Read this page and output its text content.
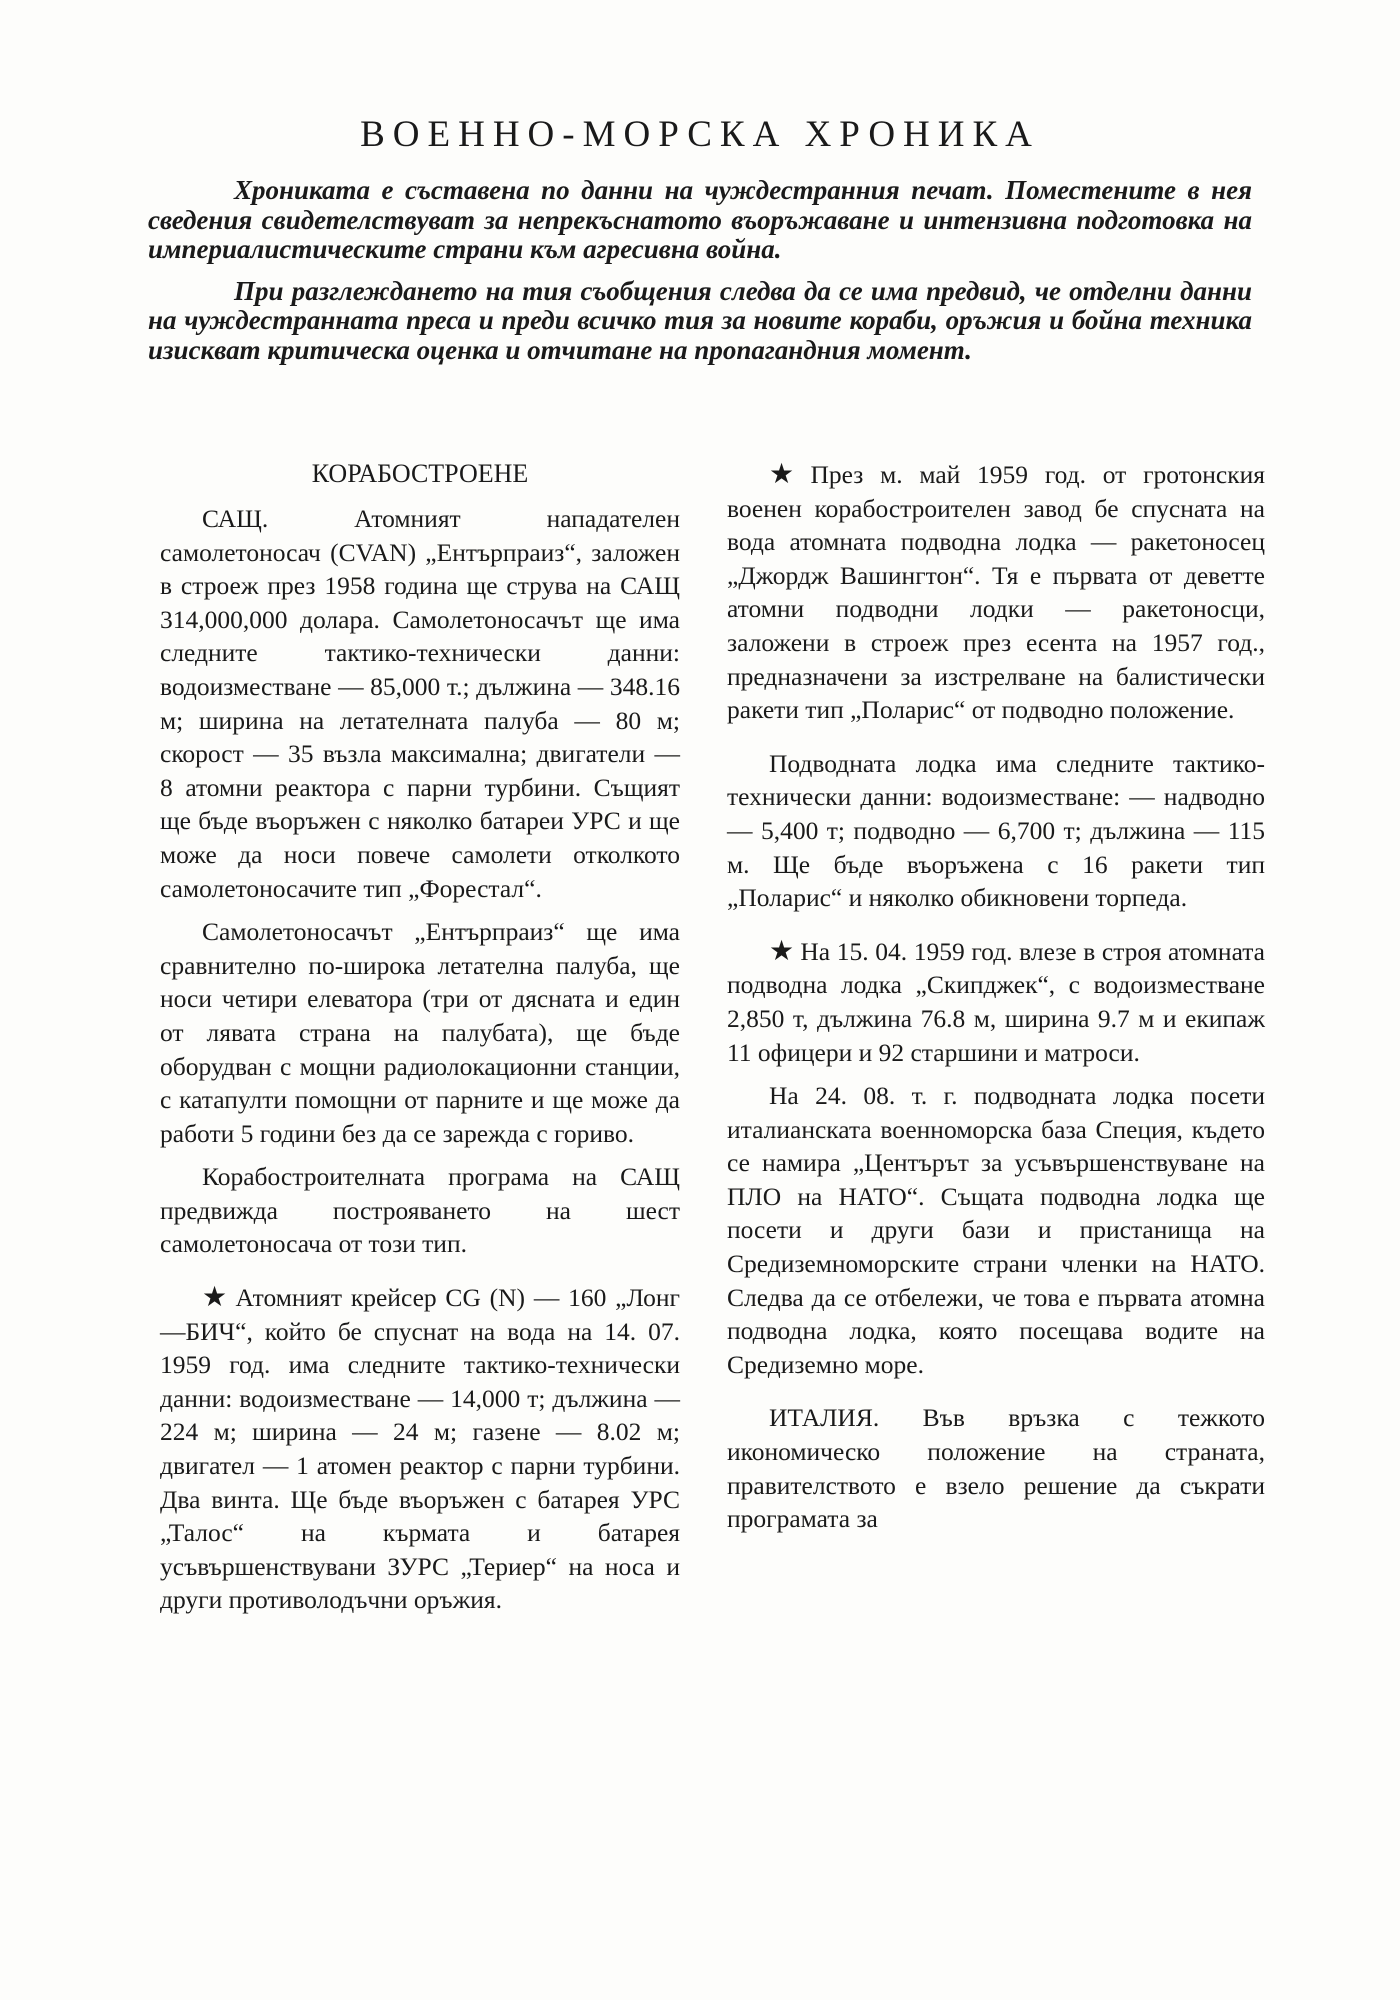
ВОЕННО-МОРСКА ХРОНИКА

Хрониката е съставена по данни на чуждестранния печат. Поместените в нея сведения свидетелствуват за непрекъснатото въоръжаване и интензивна подготовка на империалистическите страни към агресивна война.

При разглеждането на тия съобщения следва да се има предвид, че отделни данни на чуждестранната преса и преди всичко тия за новите кораби, оръжия и бойна техника изискват критическа оценка и отчитане на пропагандния момент.

КОРАБОСТРОЕНЕ

САЩ. Атомният нападателен самолетоносач (CVAN) „Ентърпраиз“, заложен в строеж през 1958 година ще струва на САЩ 314,000,000 долара. Самолетоносачът ще има следните тактико-технически данни: водоизместване — 85,000 т.; дължина — 348.16 м; ширина на летателната палуба — 80 м; скорост — 35 възла максимална; двигатели — 8 атомни реактора с парни турбини. Същият ще бъде въоръжен с няколко батареи УРС и ще може да носи повече самолети отколкото самолетоносачите тип „Форестал“.

Самолетоносачът „Ентърпраиз“ ще има сравнително по-широка летателна палуба, ще носи четири елеватора (три от дясната и един от лявата страна на палубата), ще бъде оборудван с мощни радиолокационни станции, с катапулти помощни от парните и ще може да работи 5 години без да се зарежда с гориво.

Корабостроителната програма на САЩ предвижда построяването на шест самолетоносача от този тип.

★ Атомният крейсер CG (N) — 160 „Лонг—БИЧ“, който бе спуснат на вода на 14. 07. 1959 год. има следните тактико-технически данни: водоизместване — 14,000 т; дължина — 224 м; ширина — 24 м; газене — 8.02 м; двигател — 1 атомен реактор с парни турбини. Два винта. Ще бъде въоръжен с батарея УРС „Талос“ на кърмата и батарея усъвършенствувани ЗУРС „Териер“ на носа и други противолодъчни оръжия.

★ През м. май 1959 год. от гротонския военен корабостроителен завод бе спусната на вода атомната подводна лодка — ракетоносец „Джордж Вашингтон“. Тя е първата от деветте атомни подводни лодки — ракетоносци, заложени в строеж през есента на 1957 год., предназначени за изстрелване на балистически ракети тип „Поларис“ от подводно положение.

Подводната лодка има следните тактико-технически данни: водоизместване: — надводно — 5,400 т; подводно — 6,700 т; дължина — 115 м. Ще бъде въоръжена с 16 ракети тип „Поларис“ и няколко обикновени торпеда.

★ На 15. 04. 1959 год. влезе в строя атомната подводна лодка „Скипджек“, с водоизместване 2,850 т, дължина 76.8 м, ширина 9.7 м и екипаж 11 офицери и 92 старшини и матроси.

На 24. 08. т. г. подводната лодка посети италианската военноморска база Специя, където се намира „Центърът за усъвършенствуване на ПЛО на НАТО“. Същата подводна лодка ще посети и други бази и пристанища на Средиземноморските страни членки на НАТО. Следва да се отбележи, че това е първата атомна подводна лодка, която посещава водите на Средиземно море.

ИТАЛИЯ. Във връзка с тежкото икономическо положение на страната, правителството е взело решение да съкрати програмата за
